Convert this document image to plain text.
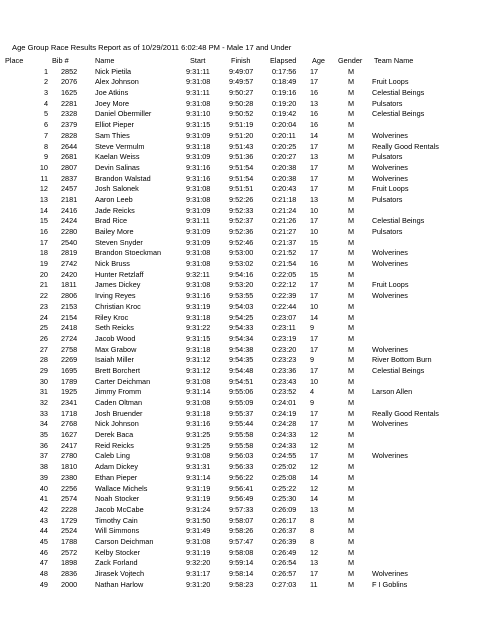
Age Group Race Results Report as of 10/29/2011 6:02:48 PM - Male 17 and Under
Place	Bib #	Name	Start	Finish	Elapsed Age Gender Team Name
1 2852 Nick Pietila	9:31:11	9:49:07	0:17:56 17	M
2 2076 Alex Johnson	9:31:08	9:49:57	0:18:49 17	M Fruit Loops
3 1625 Joe Atkins	9:31:11	9:50:27	0:19:16 16	M Celestial Beings
4 2281 Joey More	9:31:08	9:50:28	0:19:20 13	M Pulsators
5 2328 Daniel Obermiller	9:31:10	9:50:52	0:19:42 16	M Celestial Beings
6 2379 Elliot Pieper	9:31:15	9:51:19	0:20:04 16	M
7 2828 Sam Thies	9:31:09	9:51:20	0:20:11 14	M Wolverines
8 2644 Steve Vermulm	9:31:18	9:51:43	0:20:25 17	M Really Good Rentals
9 2681 Kaelan Weiss	9:31:09	9:51:36	0:20:27 13	M Pulsators
10 2807 Devin Salinas	9:31:16	9:51:54	0:20:38 17	M Wolverines
11 2837 Brandon Walstad	9:31:16	9:51:54	0:20:38 17	M Wolverines
12 2457 Josh Salonek	9:31:08	9:51:51	0:20:43 17	M Fruit Loops
13 2181 Aaron Leeb	9:31:08	9:52:26	0:21:18 13	M Pulsators
14 2416 Jade Reicks	9:31:09	9:52:33	0:21:24 10	M
15 2424 Brad Rice	9:31:11	9:52:37	0:21:26 17	M Celestial Beings
16 2280 Bailey More	9:31:09	9:52:36	0:21:27 10	M Pulsators
17 2540 Steven Snyder	9:31:09	9:52:46	0:21:37 15	M
18 2819 Brandon Stoeckman	9:31:08	9:53:00	0:21:52 17	M Wolverines
19 2742 Nick Bruss	9:31:08	9:53:02	0:21:54 16	M Wolverines
20 2420 Hunter Retzlaff	9:32:11	9:54:16	0:22:05 15	M
21 1811	James Dickey	9:31:08	9:53:20	0:22:12 17	M Fruit Loops
22 2806 Irving Reyes	9:31:16	9:53:55	0:22:39 17	M Wolverines
23 2153 Christian Kroc	9:31:19	9:54:03	0:22:44 10	M
24 2154 Riley Kroc	9:31:18	9:54:25	0:23:07 14	M
25 2418 Seth Reicks	9:31:22	9:54:33	0:23:11 9	M
26 2724 Jacob Wood	9:31:15	9:54:34	0:23:19 17	M
27 2758 Max Grabow	9:31:18	9:54:38	0:23:20 17	M Wolverines
28 2269 Isaiah Miller	9:31:12	9:54:35	0:23:23 9	M River Bottom Burn
29 1695 Brett Borchert	9:31:12	9:54:48	0:23:36 17	M Celestial Beings
30 1789 Carter Deichman	9:31:08	9:54:51	0:23:43 10	M
31 1925 Jimmy Fromm	9:31:14	9:55:06	0:23:52 4	M Larson Allen
32 2341 Caden Oltman	9:31:08	9:55:09	0:24:01 9	M
33 1718 Josh Bruender	9:31:18	9:55:37	0:24:19 17	M Really Good Rentals
34 2768 Nick Johnson	9:31:16	9:55:44	0:24:28 17	M Wolverines
35 1627 Derek Baca	9:31:25	9:55:58	0:24:33 12	M
36 2417 Reid Reicks	9:31:25	9:55:58	0:24:33 12	M
37 2780 Caleb Ling	9:31:08	9:56:03	0:24:55 17	M Wolverines
38 1810 Adam Dickey	9:31:31	9:56:33	0:25:02 12	M
39 2380 Ethan Pieper	9:31:14	9:56:22	0:25:08 14	M
40 2256 Wallace Michels	9:31:19	9:56:41	0:25:22 12	M
41 2574 Noah Stocker	9:31:19	9:56:49	0:25:30 14	M
42 2228 Jacob McCabe	9:31:24	9:57:33	0:26:09 13	M
43 1729 Timothy Cain	9:31:50	9:58:07	0:26:17 8	M
44 2524 Will Simmons	9:31:49	9:58:26	0:26:37 8	M
45 1788 Carson Deichman	9:31:08	9:57:47	0:26:39 8	M
46 2572 Kelby Stocker	9:31:19	9:58:08	0:26:49 12	M
47 1898 Zack Forland	9:32:20	9:59:14	0:26:54 13	M
48 2836 Jirasek Vojtech	9:31:17	9:58:14	0:26:57 17	M Wolverines
49 2000 Nathan Harlow	9:31:20	9:58:23	0:27:03 11	M F I Goblins
